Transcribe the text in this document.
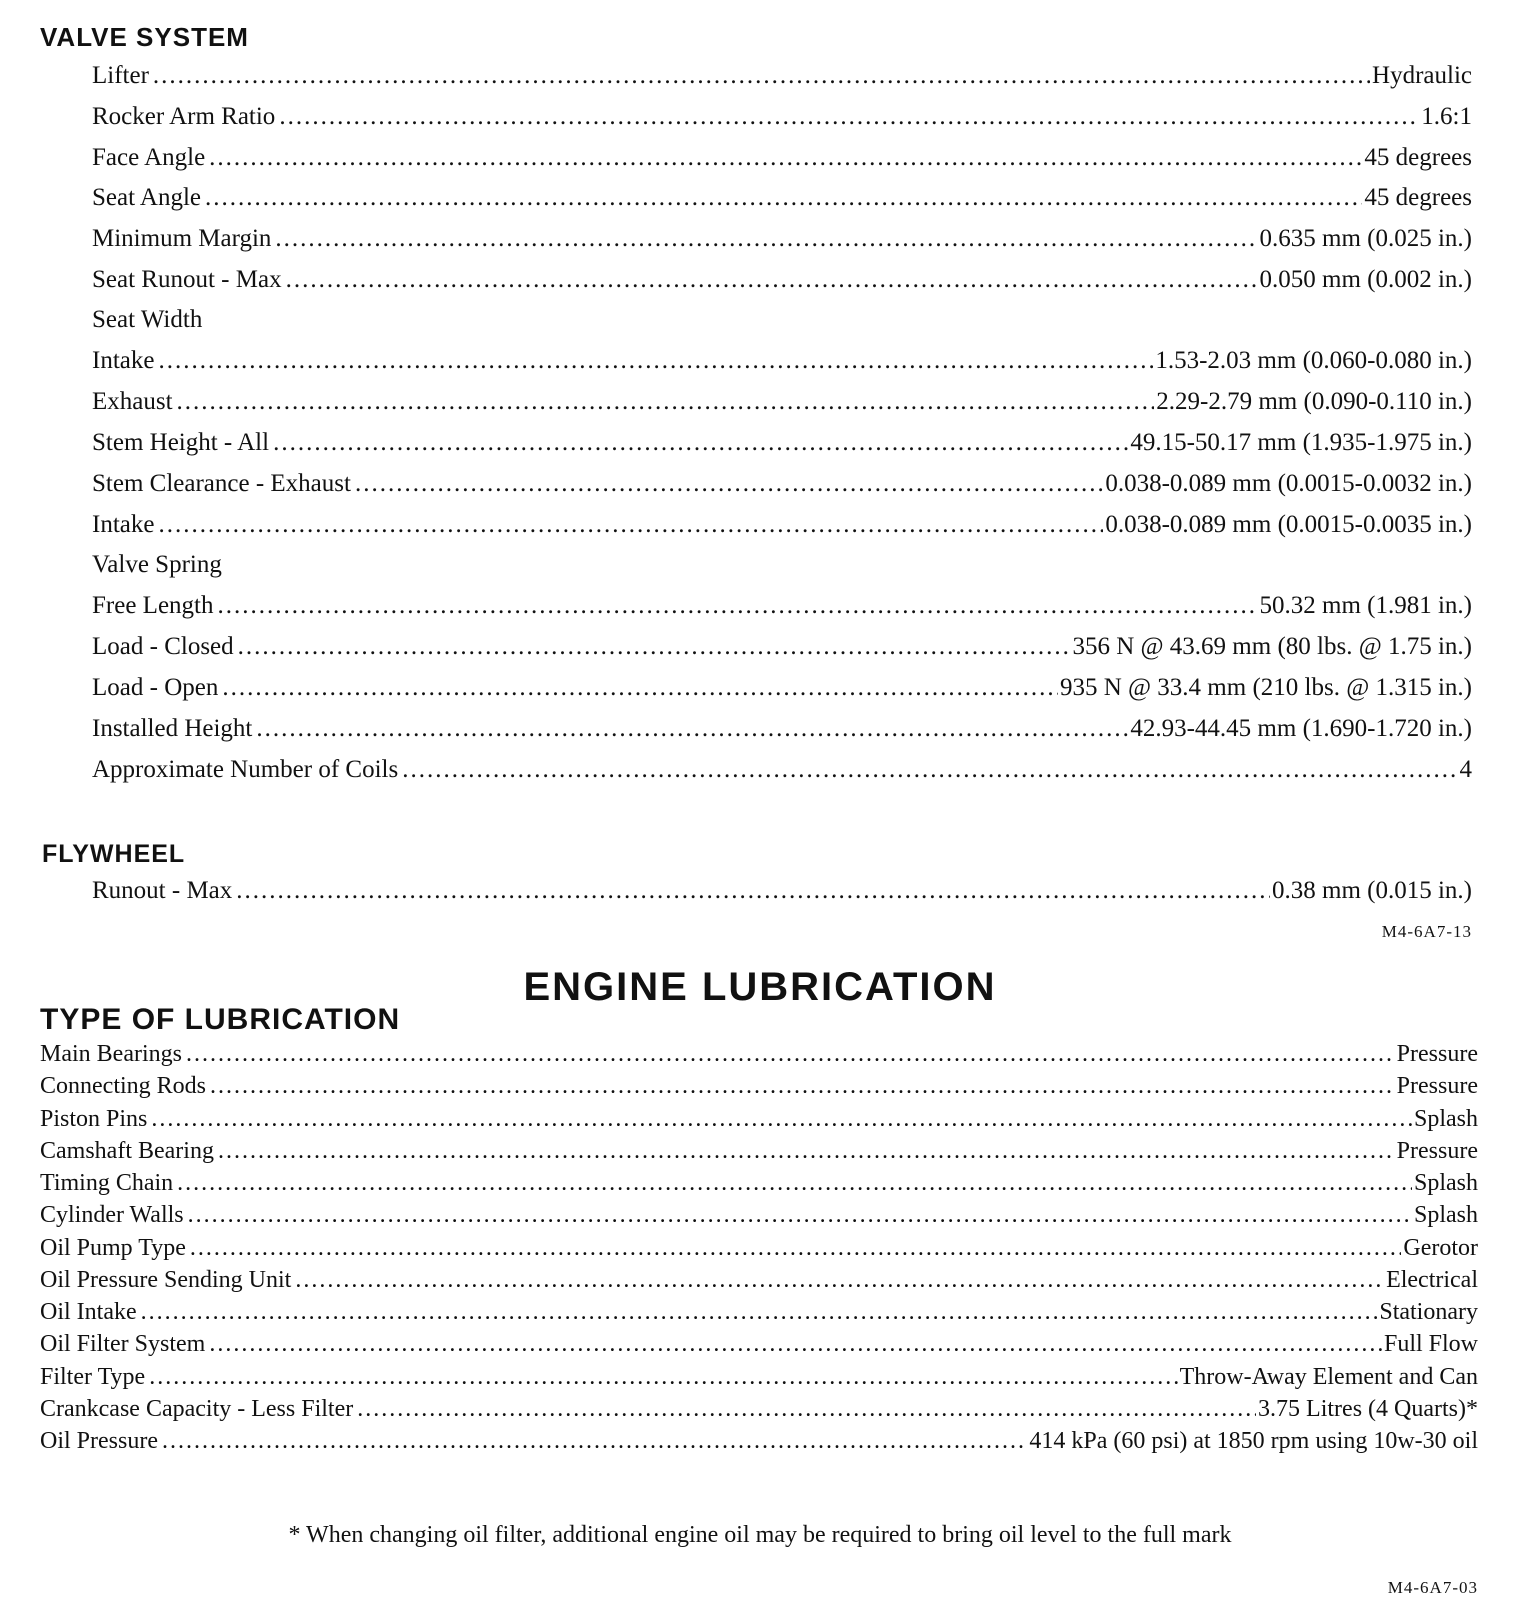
VALVE SYSTEM
Lifter .....	Hydraulic
Rocker Arm Ratio .....	1.6:1
Face Angle .....	45 degrees
Seat Angle .....	45 degrees
Minimum Margin .....	0.635 mm (0.025 in.)
Seat Runout - Max .....	0.050 mm (0.002 in.)
Seat Width
Intake .....	1.53-2.03 mm (0.060-0.080 in.)
Exhaust .....	2.29-2.79 mm (0.090-0.110 in.)
Stem Height - All .....	49.15-50.17 mm (1.935-1.975 in.)
Stem Clearance - Exhaust .....	0.038-0.089 mm (0.0015-0.0032 in.)
Intake .....	0.038-0.089 mm (0.0015-0.0035 in.)
Valve Spring
Free Length .....	50.32 mm (1.981 in.)
Load - Closed .....	356 N @ 43.69 mm (80 lbs. @ 1.75 in.)
Load - Open .....	935 N @ 33.4 mm (210 lbs. @ 1.315 in.)
Installed Height .....	42.93-44.45 mm (1.690-1.720 in.)
Approximate Number of Coils .....	4
FLYWHEEL
Runout - Max .....	0.38 mm (0.015 in.)
M4-6A7-13
ENGINE LUBRICATION
TYPE OF LUBRICATION
Main Bearings .....	Pressure
Connecting Rods .....	Pressure
Piston Pins .....	Splash
Camshaft Bearing .....	Pressure
Timing Chain .....	Splash
Cylinder Walls .....	Splash
Oil Pump Type .....	Gerotor
Oil Pressure Sending Unit .....	Electrical
Oil Intake .....	Stationary
Oil Filter System .....	Full Flow
Filter Type .....	Throw-Away Element and Can
Crankcase Capacity - Less Filter .....	3.75 Litres (4 Quarts)*
Oil Pressure .....	414 kPa (60 psi) at 1850 rpm using 10w-30 oil
* When changing oil filter, additional engine oil may be required to bring oil level to the full mark
M4-6A7-03
